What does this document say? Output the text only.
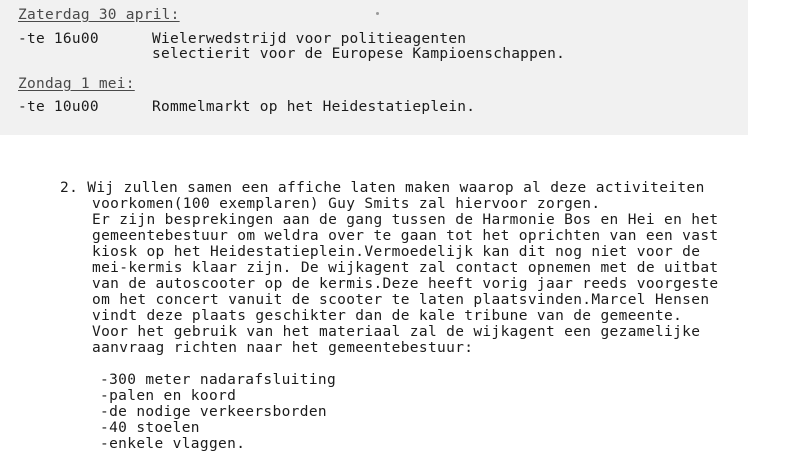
Zaterdag 30 april:
-te 16u00	Wielerwedstrijd voor politieagenten
selectierit voor de Europese Kampioenschappen.
Zondag 1 mei:
-te 10u00	Rommelmarkt op het Heidestatieplein.
2. Wij zullen samen een affiche laten maken waarop al deze activiteiten
voorkomen(100 exemplaren) Guy Smits zal hiervoor zorgen.
Er zijn besprekingen aan de gang tussen de Harmonie Bos en Hei en het
gemeentebestuur om weldra over te gaan tot het oprichten van een vast
kiosk op het Heidestatieplein.Vermoedelijk kan dit nog niet voor de
mei-kermis klaar zijn. De wijkagent zal contact opnemen met de uitbat
van de autoscooter op de kermis.Deze heeft vorig jaar reeds voorgeste
om het concert vanuit de scooter te laten plaatsvinden.Marcel Hensen
vindt deze plaats geschikter dan de kale tribune van de gemeente.
Voor het gebruik van het materiaal zal de wijkagent een gezamelijke
aanvraag richten naar het gemeentebestuur:
-300 meter nadarafsluiting
-palen en koord
-de nodige verkeersborden
-40 stoelen
-enkele vlaggen.
